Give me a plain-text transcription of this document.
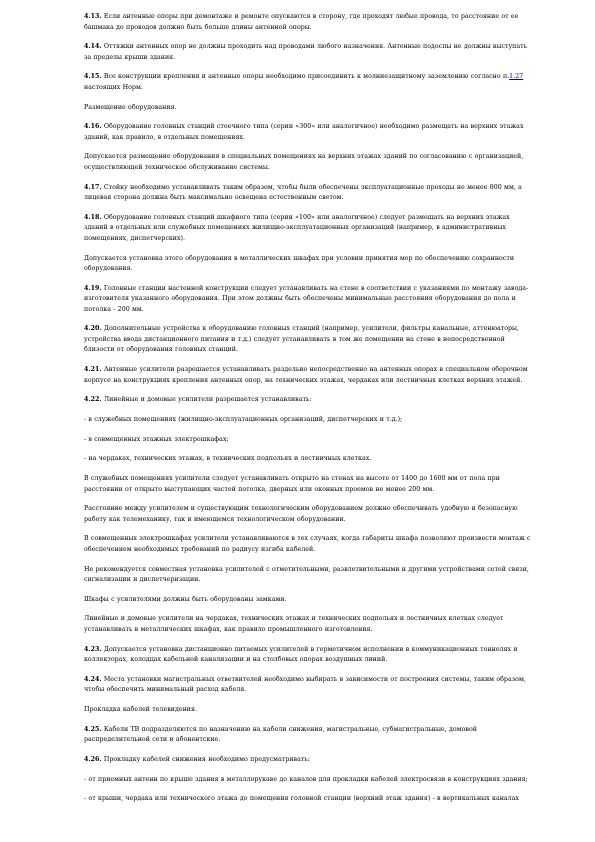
4.13. Если антенные опоры при демонтаже и ремонте опускаются в сторону, где проходят любые провода, то расстояние от ее башмака до проводов должно быть больше длины антенной опоры.
4.14. Оттяжки антенных опор не должны проходить над проводами любого назначения. Антенные подоспы не должны выступать за пределы крыши здания.
4.15. Все конструкции крепления и антенные опоры необходимо присоединить к молниезащитному заземлению согласно п.1.27 настоящих Норм.
Размещение оборудования.
4.16. Оборудование головных станций стоечного типа (серии «300» или аналогичное) необходимо размещать на верхних этажах зданий, как правило, в отдельных помещениях.
Допускается размещение оборудования в специальных помещениях на верхних этажах зданий по согласованию с организацией, осуществляющей техническое обслуживание системы.
4.17. Стойку необходимо устанавливать таким образом, чтобы были обеспечены эксплуатационные проходы не менее 800 мм, а лицевая сторона должна быть максимально освещена естественным светом.
4.18. Оборудование головных станций шкафного типа (серии «100» или аналогичное) следует размещать на верхних этажах зданий в отдельных или служебных помещениях жилищно-эксплуатационных организаций (например, в административных помещениях, диспетчерских).
Допускается установка этого оборудования в металлических шкафах при условии принятия мер по обеспечению сохранности оборудования.
4.19. Головные станции настенной конструкции следует устанавливать на стене в соответствии с указаниями по монтажу завода-изготовителя указанного оборудования. При этом должны быть обеспечены минимальные расстояния оборудования до пола и потолка - 200 мм.
4.20. Дополнительные устройства к оборудованию головных станций (например, усилители, фильтры канальные, аттенюаторы, устройства ввода дистанционного питания и т.д.) следует устанавливать в том же помещении на стене в непосредственной близости от оборудования головных станций.
4.21. Антенные усилители разрешается устанавливать раздельно непосредственно на антенных опорах в специальном оборочном корпусе на конструкциях крепления антенных опор, на технических этажах, чердаках или лестничных клетках верхних этажей.
4.22. Линейные и домовые усилители разрешается устанавливать:
- в служебных помещениях (жилищно-эксплуатационных организаций, диспетчерских и т.д.);
- в совмещенных этажных электрошкафах;
- на чердаках, технических этажах, в технических подпольях и лестничных клетках.
В служебных помещениях усилители следует устанавливать открыто на стенах на высоте от 1400 до 1600 мм от пола при расстоянии от открыто выступающих частей потолка, дверных или оконных проемов не менее 200 мм.
Расстояние между усилителем и существующим технологическим оборудованием должно обеспечивать удобную и безопасную работу как телемеханику, так и имеющемся технологическом оборудовании.
В совмещенных электрошкафах усилители устанавливаются в тех случаях, когда габариты шкафа позволяют произвести монтаж с обеспечением необходимых требований по радиусу изгиба кабелей.
Не рекомендуется совместная установка усилителей с отметительными, развлетвительными и другими устройствами сетей связи, сигнализации и диспетчеризации.
Шкафы с усилителями должны быть оборудованы замками.
Линейные и домовые усилители на чердаках, технических этажах и технических подпольях и лестничных клетках следует устанавливать в металлических шкафах, как правило промышленного изготовления.
4.23. Допускается установка дистанционно питаемых усилителей в герметичном исполнении в коммуникационных тоннелях и коллекторах, колодцах кабельной канализации и на столбовых опорах воздушных линий.
4.24. Места установки магистральных ответвителей необходимо выбирать в зависимости от построения системы, таким образом, чтобы обеспечить минимальный расход кабеля.
Прокладка кабелей телевидения.
4.25. Кабели ТВ подразделяются по назначению на кабели снижения, магистральные, субмагистральные, домовой распределительной сети и абонентские.
4.26. Прокладку кабелей снижения необходимо предусматривать:
- от приемных антенн по крыше здания в металлорукаве до каналов для прокладки кабелей электросвязи в конструкциях здания;
- от крыши, чердака или технического этажа до помещения головной станции (верхний этаж здания) - в вертикальных каналах
